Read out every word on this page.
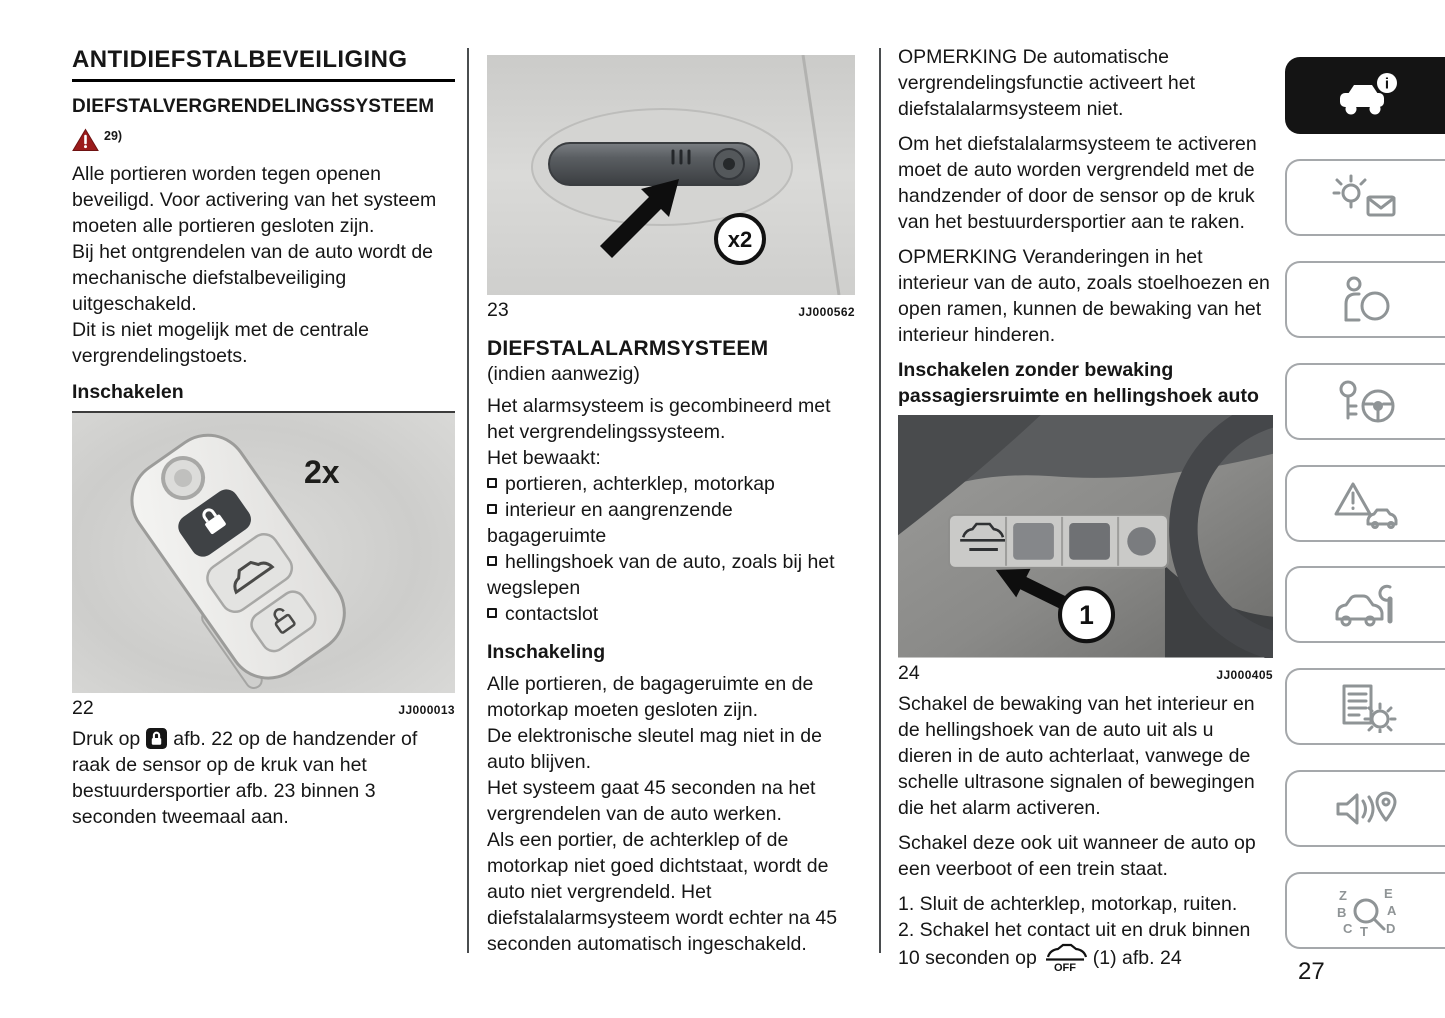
ANTIDIEFSTALBEVEILIGING
DIEFSTALVERGRENDELINGSSYSTEEM
29)

Alle portieren worden tegen openen beveiligd. Voor activering van het systeem moeten alle portieren gesloten zijn.

Bij het ontgrendelen van de auto wordt de mechanische diefstalbeveiliging uitgeschakeld.

Dit is niet mogelijk met de centrale vergrendelingstoets.

Inschakelen
2x
22	JJ000013

Druk op afb. 22 op de handzender of raak de sensor op de kruk van het bestuurdersportier afb. 23 binnen 3 seconden tweemaal aan.

x2
23	JJ000562
DIEFSTALALARMSYSTEEM

(indien aanwezig)

Het alarmsysteem is gecombineerd met het vergrendelingssysteem.

Het bewaakt:

portieren, achterklep, motorkap

interieur en aangrenzende bagageruimte

hellingshoek van de auto, zoals bij het wegslepen

contactslot

Inschakeling

Alle portieren, de bagageruimte en de motorkap moeten gesloten zijn.

De elektronische sleutel mag niet in de auto blijven.

Het systeem gaat 45 seconden na het vergrendelen van de auto werken.

Als een portier, de achterklep of de motorkap niet goed dichtstaat, wordt de auto niet vergrendeld. Het diefstalalarmsysteem wordt echter na 45 seconden automatisch ingeschakeld.

OPMERKING De automatische vergrendelingsfunctie activeert het diefstalalarmsysteem niet.

Om het diefstalalarmsysteem te activeren moet de auto worden vergrendeld met de handzender of door de sensor op de kruk van het bestuurdersportier aan te raken.

OPMERKING Veranderingen in het interieur van de auto, zoals stoelhoezen en open ramen, kunnen de bewaking van het interieur hinderen.

Inschakelen zonder bewaking passagiersruimte en hellingshoek auto
1
24	JJ000405

Schakel de bewaking van het interieur en de hellingshoek van de auto uit als u dieren in de auto achterlaat, vanwege de schelle ultrasone signalen of bewegingen die het alarm activeren.

Schakel deze ook uit wanneer de auto op een veerboot of een trein staat.

1. Sluit de achterklep, motorkap, ruiten.

2. Schakel het contact uit en druk binnen 10 seconden op OFF (1) afb. 24

i
Z	E
B	A
C T D
27
